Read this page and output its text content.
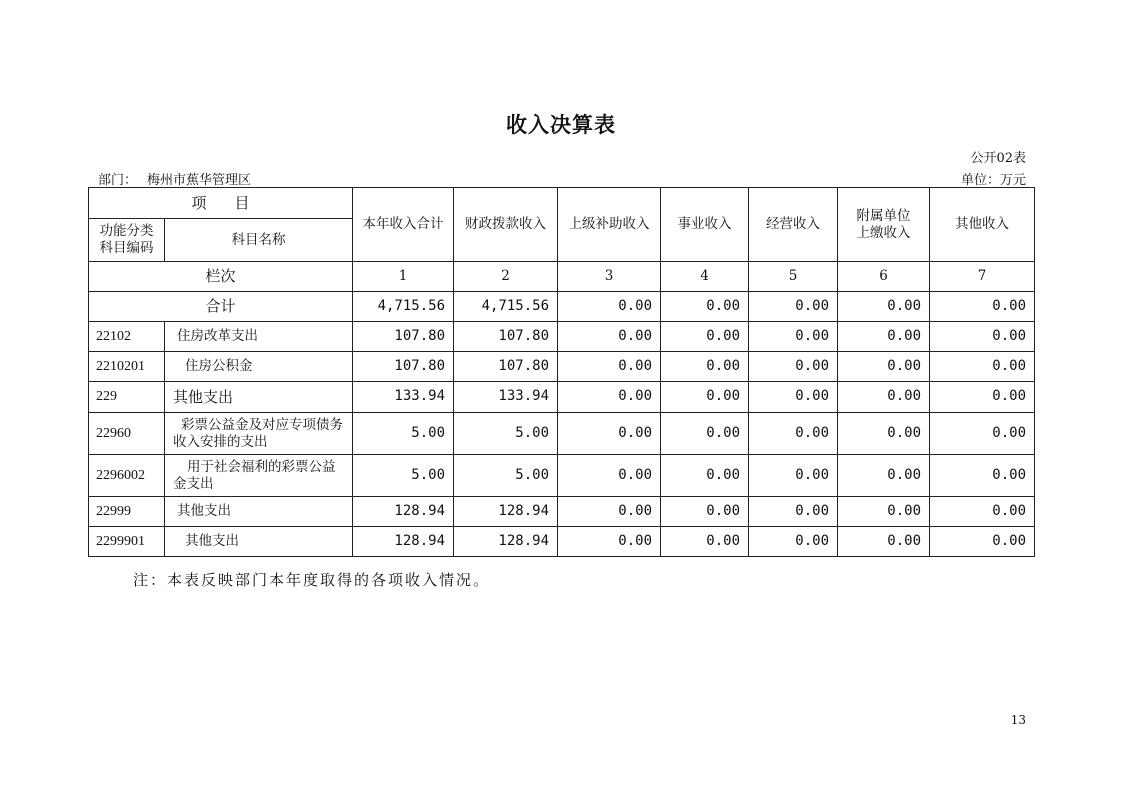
收入决算表
公开02表
部门： 梅州市蕉华管理区	单位：万元
项 目		本年收入合计	财政拨款收入	上级补助收入	事业收入	经营收入	附属单位上缴收入	其他收入
功能分类科目编码	科目名称							
栏次		1	2	3	4	5	6	7
合计		4,715.56	4,715.56	0.00	0.00	0.00	0.00	0.00
22102	住房改革支出	107.80	107.80	0.00	0.00	0.00	0.00	0.00
2210201	住房公积金	107.80	107.80	0.00	0.00	0.00	0.00	0.00
229	其他支出	133.94	133.94	0.00	0.00	0.00	0.00	0.00
22960	彩票公益金及对应专项债务收入安排的支出	5.00	5.00	0.00	0.00	0.00	0.00	0.00
2296002	用于社会福利的彩票公益金支出	5.00	5.00	0.00	0.00	0.00	0.00	0.00
22999	其他支出	128.94	128.94	0.00	0.00	0.00	0.00	0.00
2299901	其他支出	128.94	128.94	0.00	0.00	0.00	0.00	0.00
注：本表反映部门本年度取得的各项收入情况。
13
